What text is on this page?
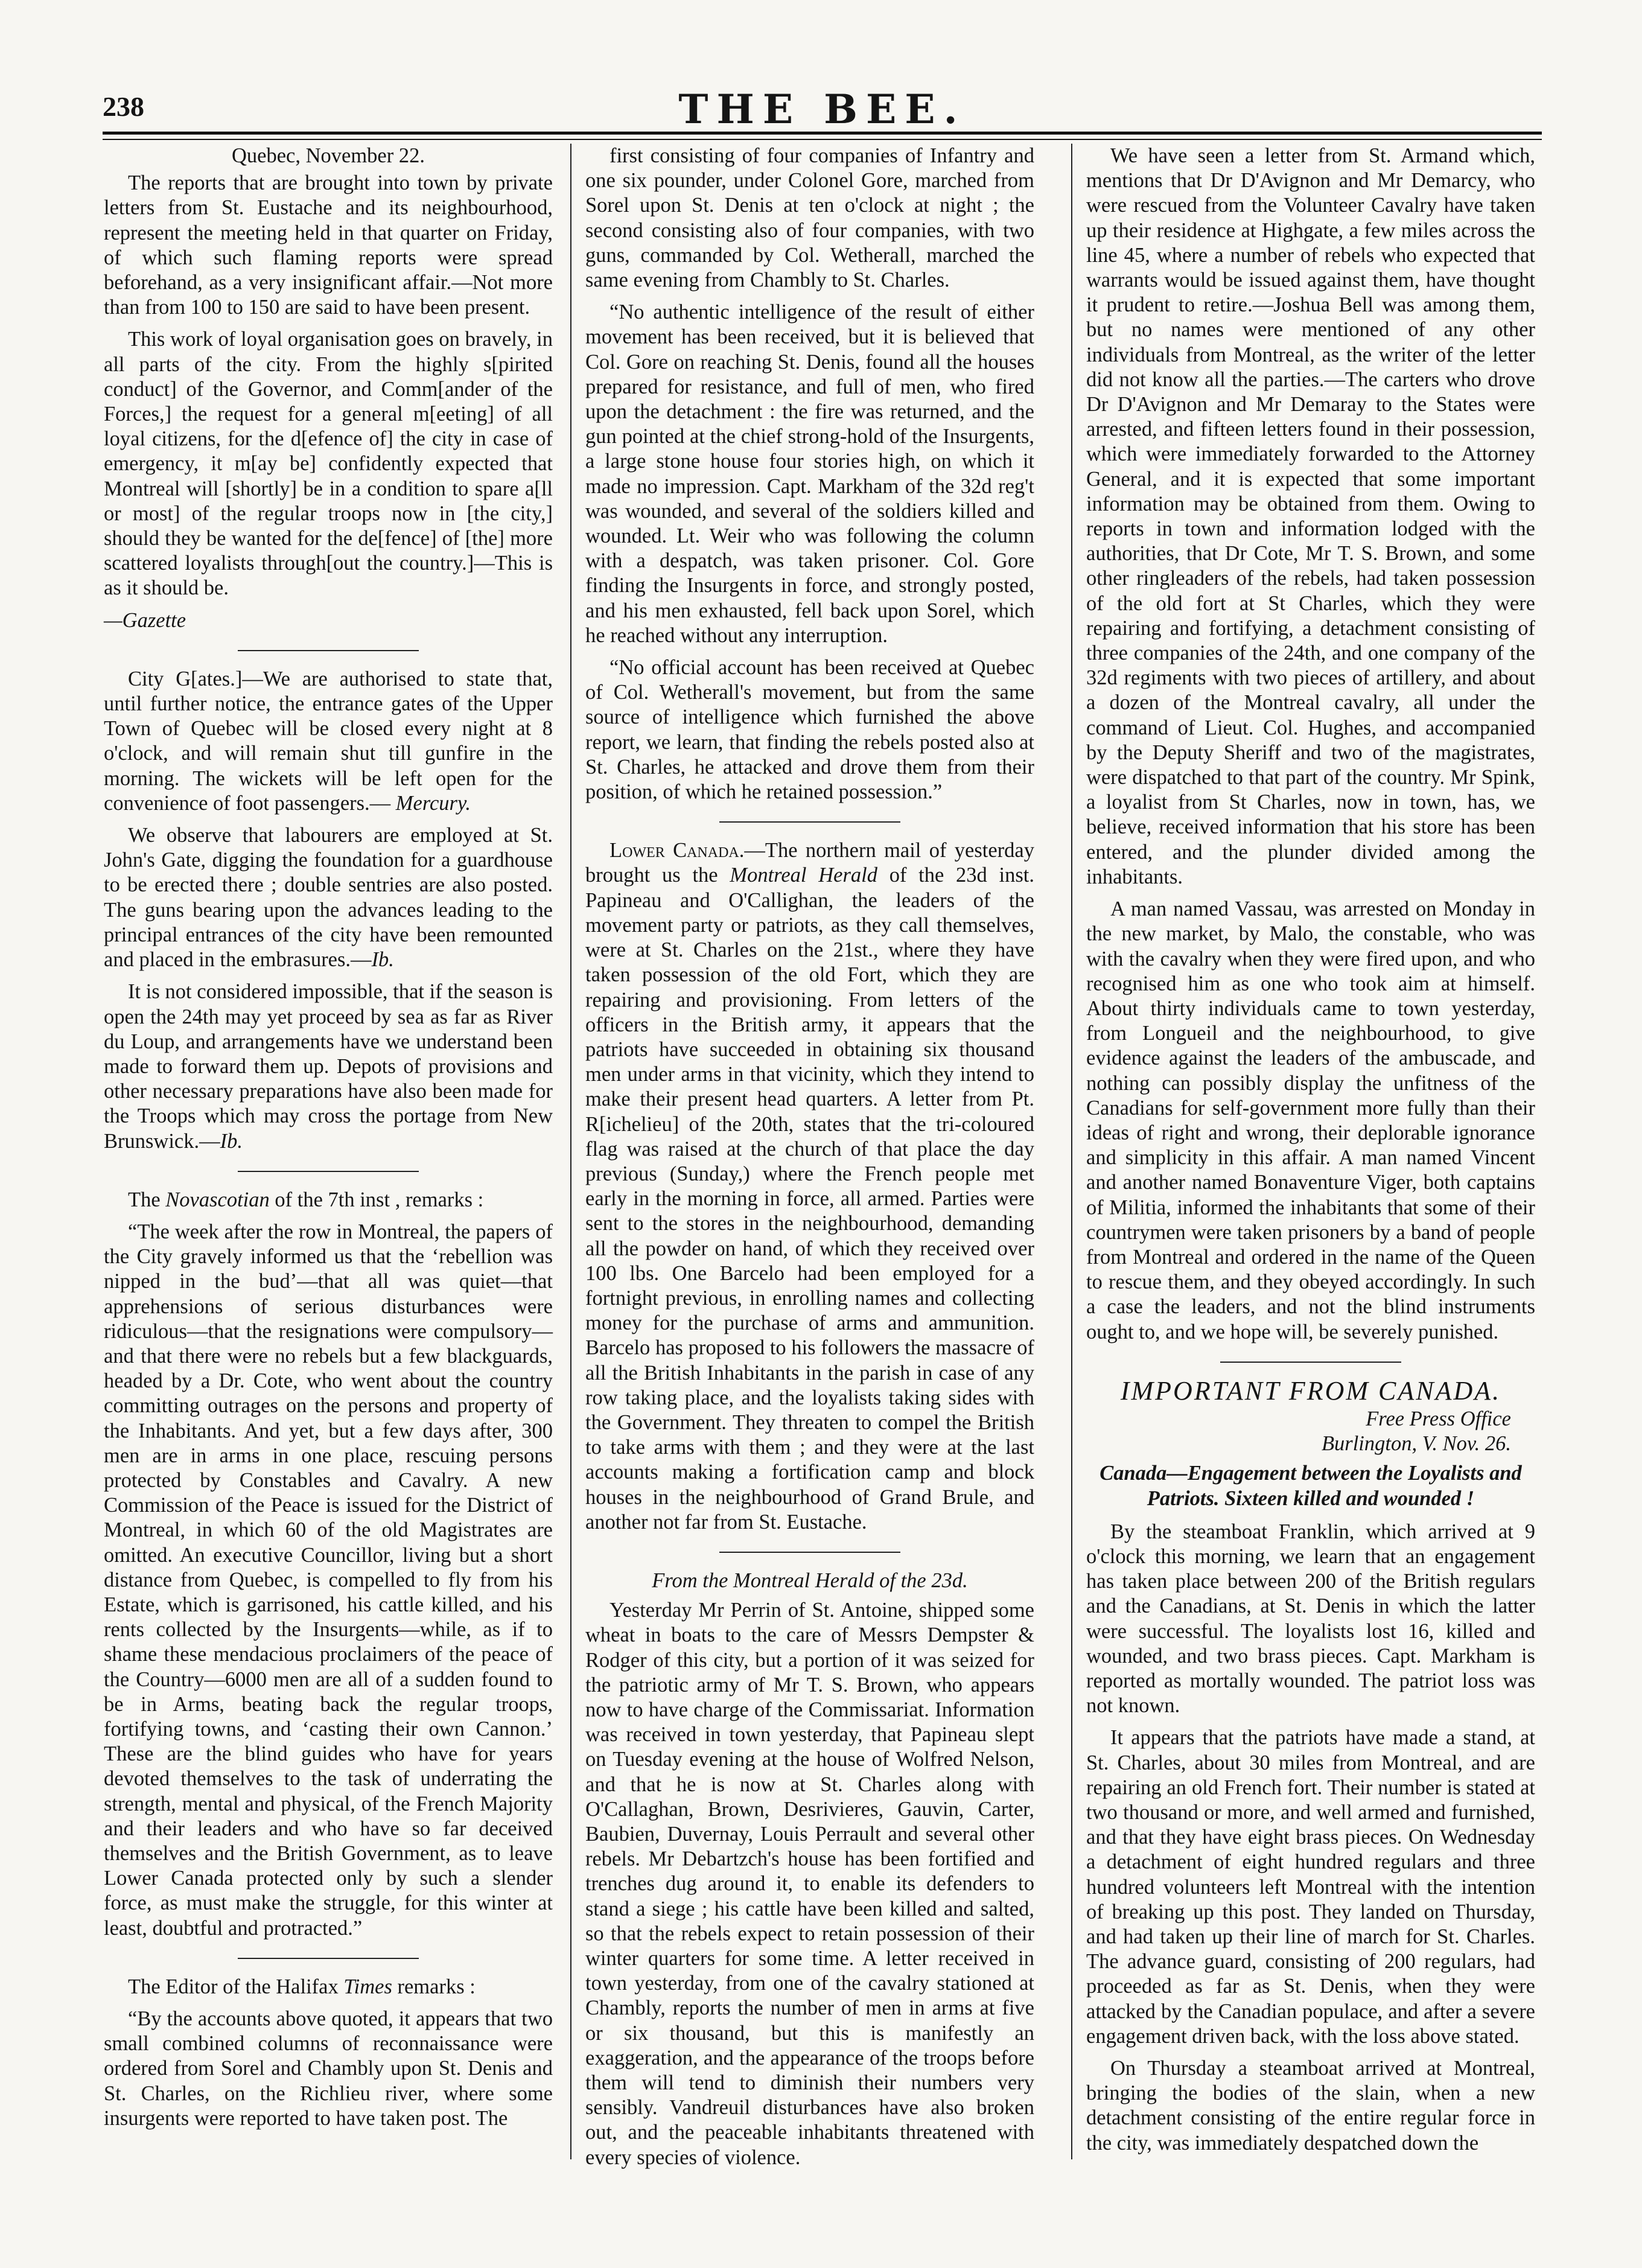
238	THE BEE.

Quebec, November 22.

The reports that are brought into town by private letters from St. Eustache and its neighbourhood, represent the meeting held in that quarter on Friday, of which such flaming reports were spread beforehand, as a very insignificant affair.—Not more than from 100 to 150 are said to have been present.

This work of loyal organisation goes on bravely, in all parts of the city. From the highly s[pirited conduct] of the Governor, and Comm[ander of the Forces,] the request for a general m[eeting] of all loyal citizens, for the d[efence of] the city in case of emergency, it m[ay be] confidently expected that Montreal will [shortly] be in a condition to spare a[ll or most] of the regular troops now in [the city,] should they be wanted for the de[fence] of [the] more scattered loyalists through[out the country.]—This is as it should be.

—Gazette

City G[ates.]—We are authorised to state that, until further notice, the entrance gates of the Upper Town of Quebec will be closed every night at 8 o'clock, and will remain shut till gunfire in the morning. The wickets will be left open for the convenience of foot passengers.— Mercury.

We observe that labourers are employed at St. John's Gate, digging the foundation for a guardhouse to be erected there ; double sentries are also posted. The guns bearing upon the advances leading to the principal entrances of the city have been remounted and placed in the embrasures.—Ib.

It is not considered impossible, that if the season is open the 24th may yet proceed by sea as far as River du Loup, and arrangements have we understand been made to forward them up. Depots of provisions and other necessary preparations have also been made for the Troops which may cross the portage from New Brunswick.—Ib.

The Novascotian of the 7th inst , remarks :

“The week after the row in Montreal, the papers of the City gravely informed us that the ‘rebellion was nipped in the bud’—that all was quiet—that apprehensions of serious disturbances were ridiculous—that the resignations were compulsory—and that there were no rebels but a few blackguards, headed by a Dr. Cote, who went about the country committing outrages on the persons and property of the Inhabitants. And yet, but a few days after, 300 men are in arms in one place, rescuing persons protected by Constables and Cavalry. A new Commission of the Peace is issued for the District of Montreal, in which 60 of the old Magistrates are omitted. An executive Councillor, living but a short distance from Quebec, is compelled to fly from his Estate, which is garrisoned, his cattle killed, and his rents collected by the Insurgents—while, as if to shame these mendacious proclaimers of the peace of the Country—6000 men are all of a sudden found to be in Arms, beating back the regular troops, fortifying towns, and ‘casting their own Cannon.’ These are the blind guides who have for years devoted themselves to the task of underrating the strength, mental and physical, of the French Majority and their leaders and who have so far deceived themselves and the British Government, as to leave Lower Canada protected only by such a slender force, as must make the struggle, for this winter at least, doubtful and protracted.”

The Editor of the Halifax Times remarks :

“By the accounts above quoted, it appears that two small combined columns of reconnaissance were ordered from Sorel and Chambly upon St. Denis and St. Charles, on the Richlieu river, where some insurgents were reported to have taken post. The

first consisting of four companies of Infantry and one six pounder, under Colonel Gore, marched from Sorel upon St. Denis at ten o'clock at night ; the second consisting also of four companies, with two guns, commanded by Col. Wetherall, marched the same evening from Chambly to St. Charles.

“No authentic intelligence of the result of either movement has been received, but it is believed that Col. Gore on reaching St. Denis, found all the houses prepared for resistance, and full of men, who fired upon the detachment : the fire was returned, and the gun pointed at the chief strong-hold of the Insurgents, a large stone house four stories high, on which it made no impression. Capt. Markham of the 32d reg't was wounded, and several of the soldiers killed and wounded. Lt. Weir who was following the column with a despatch, was taken prisoner. Col. Gore finding the Insurgents in force, and strongly posted, and his men exhausted, fell back upon Sorel, which he reached without any interruption.

“No official account has been received at Quebec of Col. Wetherall's movement, but from the same source of intelligence which furnished the above report, we learn, that finding the rebels posted also at St. Charles, he attacked and drove them from their position, of which he retained possession.”

Lower Canada.—The northern mail of yesterday brought us the Montreal Herald of the 23d inst. Papineau and O'Callighan, the leaders of the movement party or patriots, as they call themselves, were at St. Charles on the 21st., where they have taken possession of the old Fort, which they are repairing and provisioning. From letters of the officers in the British army, it appears that the patriots have succeeded in obtaining six thousand men under arms in that vicinity, which they intend to make their present head quarters. A letter from Pt. R[ichelieu] of the 20th, states that the tri-coloured flag was raised at the church of that place the day previous (Sunday,) where the French people met early in the morning in force, all armed. Parties were sent to the stores in the neighbourhood, demanding all the powder on hand, of which they received over 100 lbs. One Barcelo had been employed for a fortnight previous, in enrolling names and collecting money for the purchase of arms and ammunition. Barcelo has proposed to his followers the massacre of all the British Inhabitants in the parish in case of any row taking place, and the loyalists taking sides with the Government. They threaten to compel the British to take arms with them ; and they were at the last accounts making a fortification camp and block houses in the neighbourhood of Grand Brule, and another not far from St. Eustache.

From the Montreal Herald of the 23d.

Yesterday Mr Perrin of St. Antoine, shipped some wheat in boats to the care of Messrs Dempster & Rodger of this city, but a portion of it was seized for the patriotic army of Mr T. S. Brown, who appears now to have charge of the Commissariat. Information was received in town yesterday, that Papineau slept on Tuesday evening at the house of Wolfred Nelson, and that he is now at St. Charles along with O'Callaghan, Brown, Desrivieres, Gauvin, Carter, Baubien, Duvernay, Louis Perrault and several other rebels. Mr Debartzch's house has been fortified and trenches dug around it, to enable its defenders to stand a siege ; his cattle have been killed and salted, so that the rebels expect to retain possession of their winter quarters for some time. A letter received in town yesterday, from one of the cavalry stationed at Chambly, reports the number of men in arms at five or six thousand, but this is manifestly an exaggeration, and the appearance of the troops before them will tend to diminish their numbers very sensibly. Vandreuil disturbances have also broken out, and the peaceable inhabitants threatened with every species of violence.

We have seen a letter from St. Armand which, mentions that Dr D'Avignon and Mr Demarcy, who were rescued from the Volunteer Cavalry have taken up their residence at Highgate, a few miles across the line 45, where a number of rebels who expected that warrants would be issued against them, have thought it prudent to retire.—Joshua Bell was among them, but no names were mentioned of any other individuals from Montreal, as the writer of the letter did not know all the parties.—The carters who drove Dr D'Avignon and Mr Demaray to the States were arrested, and fifteen letters found in their possession, which were immediately forwarded to the Attorney General, and it is expected that some important information may be obtained from them. Owing to reports in town and information lodged with the authorities, that Dr Cote, Mr T. S. Brown, and some other ringleaders of the rebels, had taken possession of the old fort at St Charles, which they were repairing and fortifying, a detachment consisting of three companies of the 24th, and one company of the 32d regiments with two pieces of artillery, and about a dozen of the Montreal cavalry, all under the command of Lieut. Col. Hughes, and accompanied by the Deputy Sheriff and two of the magistrates, were dispatched to that part of the country. Mr Spink, a loyalist from St Charles, now in town, has, we believe, received information that his store has been entered, and the plunder divided among the inhabitants.

A man named Vassau, was arrested on Monday in the new market, by Malo, the constable, who was with the cavalry when they were fired upon, and who recognised him as one who took aim at himself. About thirty individuals came to town yesterday, from Longueil and the neighbourhood, to give evidence against the leaders of the ambuscade, and nothing can possibly display the unfitness of the Canadians for self-government more fully than their ideas of right and wrong, their deplorable ignorance and simplicity in this affair. A man named Vincent and another named Bonaventure Viger, both captains of Militia, informed the inhabitants that some of their countrymen were taken prisoners by a band of people from Montreal and ordered in the name of the Queen to rescue them, and they obeyed accordingly. In such a case the leaders, and not the blind instruments ought to, and we hope will, be severely punished.

IMPORTANT FROM CANADA.

Free Press Office

Burlington, V. Nov. 26.

Canada—Engagement between the Loyalists and Patriots. Sixteen killed and wounded !

By the steamboat Franklin, which arrived at 9 o'clock this morning, we learn that an engagement has taken place between 200 of the British regulars and the Canadians, at St. Denis in which the latter were successful. The loyalists lost 16, killed and wounded, and two brass pieces. Capt. Markham is reported as mortally wounded. The patriot loss was not known.

It appears that the patriots have made a stand, at St. Charles, about 30 miles from Montreal, and are repairing an old French fort. Their number is stated at two thousand or more, and well armed and furnished, and that they have eight brass pieces. On Wednesday a detachment of eight hundred regulars and three hundred volunteers left Montreal with the intention of breaking up this post. They landed on Thursday, and had taken up their line of march for St. Charles. The advance guard, consisting of 200 regulars, had proceeded as far as St. Denis, when they were attacked by the Canadian populace, and after a severe engagement driven back, with the loss above stated.

On Thursday a steamboat arrived at Montreal, bringing the bodies of the slain, when a new detachment consisting of the entire regular force in the city, was immediately despatched down the
